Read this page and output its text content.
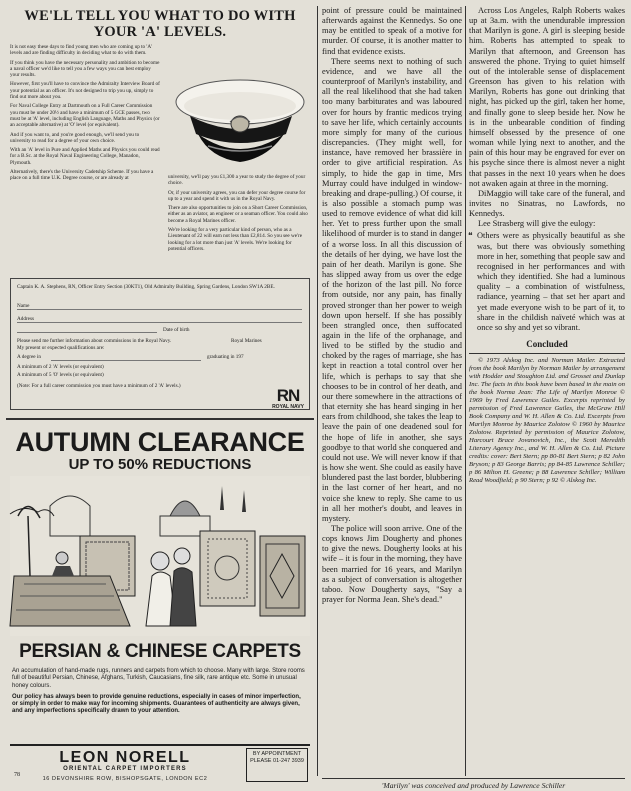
WE'LL TELL YOU WHAT TO DO WITH YOUR 'A' LEVELS.

It is not easy these days to find young men who are coming up to 'A' levels and are finding difficulty in deciding what to do with them.

If you think you have the necessary personality and ambition to become a naval officer we'd like to tell you a few ways you can best employ your results.

However, first you'll have to convince the Admiralty Interview Board of your potential as an officer. It's not designed to trip you up, simply to find out more about you.

For Naval College Entry at Dartmouth on a Full Career Commission you must be under 20½ and have a minimum of 5 GCE passes, two must be at 'A' level, including English Language, Maths and Physics (or an acceptable alternative) at 'O' level (or equivalent).

And if you want to, and you're good enough, we'll send you to university to read for a degree of your own choice.

With an 'A' level in Pure and Applied Maths and Physics you could read for a B.Sc. at the Royal Naval Engineering College, Manadon, Plymouth.

Alternatively, there's the University Cadetship Scheme. If you have a place on a full time U.K. Degree course, or are already at	university, we'll pay you £1,300 a year to study the degree of your choice.

Or, if your university agrees, you can defer your degree course for up to a year and spend it with us in the Royal Navy.

There are also opportunities to join on a Short Career Commission, either as an aviator, an engineer or a seaman officer. You could also become a Royal Marines officer.

We're looking for a very particular kind of person, who as a Lieutenant of 22 will earn not less than £2,814. So you see we're looking for a lot more than just 'A' levels. We're looking for potential officers.

Captain K. A. Stephens, RN, Officer Entry Section (30KT1), Old Admiralty Building, Spring Gardens, London SW1A 2BE.
Name
Address
Date of birth
Please send me further information about commissions in the Royal Navy.	Royal Marines
My present or expected qualifications are:
A degree in	graduating in 197
A minimum of 2 'A' levels (or equivalent)
A minimum of 5 'O' levels (or equivalent)
(Note: For a full career commission you must have a minimum of 2 'A' levels.)	RN
ROYAL NAVY
AUTUMN CLEARANCE
UP TO 50% REDUCTIONS
PERSIAN & CHINESE CARPETS

An accumulation of hand-made rugs, runners and carpets from which to choose. Many with large. Store rooms full of beautiful Persian, Chinese, Afghans, Turkish, Caucasians, fine silk, rare antique etc. Some in unusual honey colours.

Our policy has always been to provide genuine reductions, especially in cases of minor imperfection, or simply in order to make way for incoming shipments. Guarantees of authenticity are always given, and any imperfections specifically drawn to your attention.

LEON NORELL
ORIENTAL CARPET IMPORTERS
16 DEVONSHIRE ROW, BISHOPSGATE, LONDON EC2
BY APPOINTMENT PLEASE 01-247 3939
78

point of pressure could be maintained afterwards against the Kennedys. So one may be entitled to speak of a motive for murder. Of course, it is another matter to find that evidence exists.

There seems next to nothing of such evidence, and we have all the counterproof of Marilyn's instability, and all the real likelihood that she had taken too many barbiturates and was laboured over for hours by frantic medicos trying to save her life, which certainly accounts more simply for many of the curious discrepancies. (They might well, for instance, have removed her brassière in order to give artificial respiration. As simply, to hide the gap in time, Mrs Murray could have indulged in window-breaking and drape-pulling.) Of course, it is also possible a stomach pump was used to remove evidence of what did kill her. Yet to press further upon the small likelihood of murder is to stand in danger of a worse loss. In all this discussion of the details of her dying, we have lost the pain of her death. Marilyn is gone. She has slipped away from us over the edge of the horizon of the last pill. No force from outside, nor any pain, has finally proved stronger than her power to weigh down upon herself. If she has possibly been strangled once, then suffocated again in the life of the orphanage, and lived to be stifled by the studio and choked by the rages of marriage, she has kept in reaction a total control over her life, which is perhaps to say that she chooses to be in control of her death, and our there somewhere in the attractions of that eternity she has heard singing in her ears from childhood, she takes the leap to leave the pain of one deadened soul for the hope of life in another, she says goodbye to that world she conquered and could not use. We will never know if that is how she went. She could as easily have blundered past the last border, blubbering in the last corner of her heart, and no voice she knew to reply. She came to us in all her mother's doubt, and leaves in mystery.

The police will soon arrive. One of the cops knows Jim Dougherty and phones to give the news. Dougherty looks at his wife – it is four in the morning, they have been married for 16 years, and Marilyn as a subject of conversation is altogether taboo. Now Dougherty says, "Say a prayer for Norma Jean. She's dead."

Across Los Angeles, Ralph Roberts wakes up at 3a.m. with the unendurable impression that Marilyn is gone. A girl is sleeping beside him. Roberts has attempted to speak to Marilyn that afternoon, and Greenson has answered the phone. Trying to quiet himself out of the intolerable sense of displacement Greenson has given to his relation with Marilyn, Roberts has gone out drinking that night, has picked up the girl, taken her home, and finally gone to sleep beside her. Now he is in the unbearable condition of finding himself obsessed by the presence of one woman while lying next to another, and the pain of this hour may be engraved for ever on his psyche since there is almost never a night that passes in the next 10 years when he does not awaken again at three in the morning.

DiMaggio will take care of the funeral, and invites no Sinatras, no Lawfords, no Kennedys.

Lee Strasberg will give the eulogy:

❝ Others were as physically beautiful as she was, but there was obviously something more in her, something that people saw and recognised in her performances and with which they identified. She had a luminous quality – a combination of wistfulness, radiance, yearning – that set her apart and yet made everyone wish to be part of it, to share in the childish naïveté which was at once so shy and yet so vibrant.
Concluded

© 1973 Alskog Inc. and Norman Mailer. Extracted from the book Marilyn by Norman Mailer by arrangement with Hodder and Stoughton Ltd. and Grosset and Dunlap Inc. The facts in this book have been based in the main on the book Norma Jean: The Life of Marilyn Monroe © 1969 by Fred Lawrence Guiles. Excerpts reprinted by permission of Fred Lawrence Guiles, the McGraw Hill Book Company and W. H. Allen & Co. Ltd. Excerpts from Marilyn Monroe by Maurice Zolotow © 1960 by Maurice Zolotow. Reprinted by permission of Maurice Zolotow, Harcourt Brace Jovanovich, Inc., the Scott Meredith Literary Agency Inc., and W. H. Allen & Co. Ltd. Picture credits: cover: Bert Stern; pp 80-81 Bert Stern; p 82 John Bryson; p 83 George Barris; pp 84-85 Lawrence Schiller; p 86 Milton H. Greene; p 88 Lawrence Schiller; William Read Woodfield; p 90 Stern; p 92 © Alskog Inc.

'Marilyn' was conceived and produced by Lawrence Schiller
